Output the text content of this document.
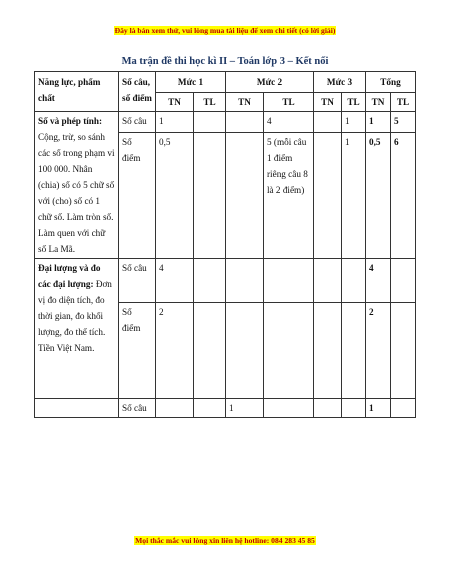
Đây là bản xem thử, vui lòng mua tài liệu để xem chi tiết (có lời giải)
Ma trận đề thi học kì II – Toán lớp 3 – Kết nối
Năng lực, phẩm chất	Số câu, số điểm	Mức 1		Mức 2		Mức 3		Tổng	
		TN	TL	TN	TL	TN	TL	TN	TL
Số và phép tính: Cộng, trừ, so sánh các số trong phạm vi 100 000. Nhân (chia) số có 5 chữ số với (cho) số có 1 chữ số. Làm tròn số. Làm quen với chữ số La Mã.	Số câu	1			4		1	1	5
	Số điểm	0,5			5 (mỗi câu 1 điểm riêng câu 8 là 2 điểm)		1	0,5	6
Đại lượng và đo các đại lượng: Đơn vị đo diện tích, đo thời gian, đo khối lượng, đo thể tích. Tiền Việt Nam.	Số câu	4						4	
	Số điểm	2						2	
	Số câu			1				1	
Mọi thắc mắc vui lòng xin liên hệ hotline: 084 283 45 85
